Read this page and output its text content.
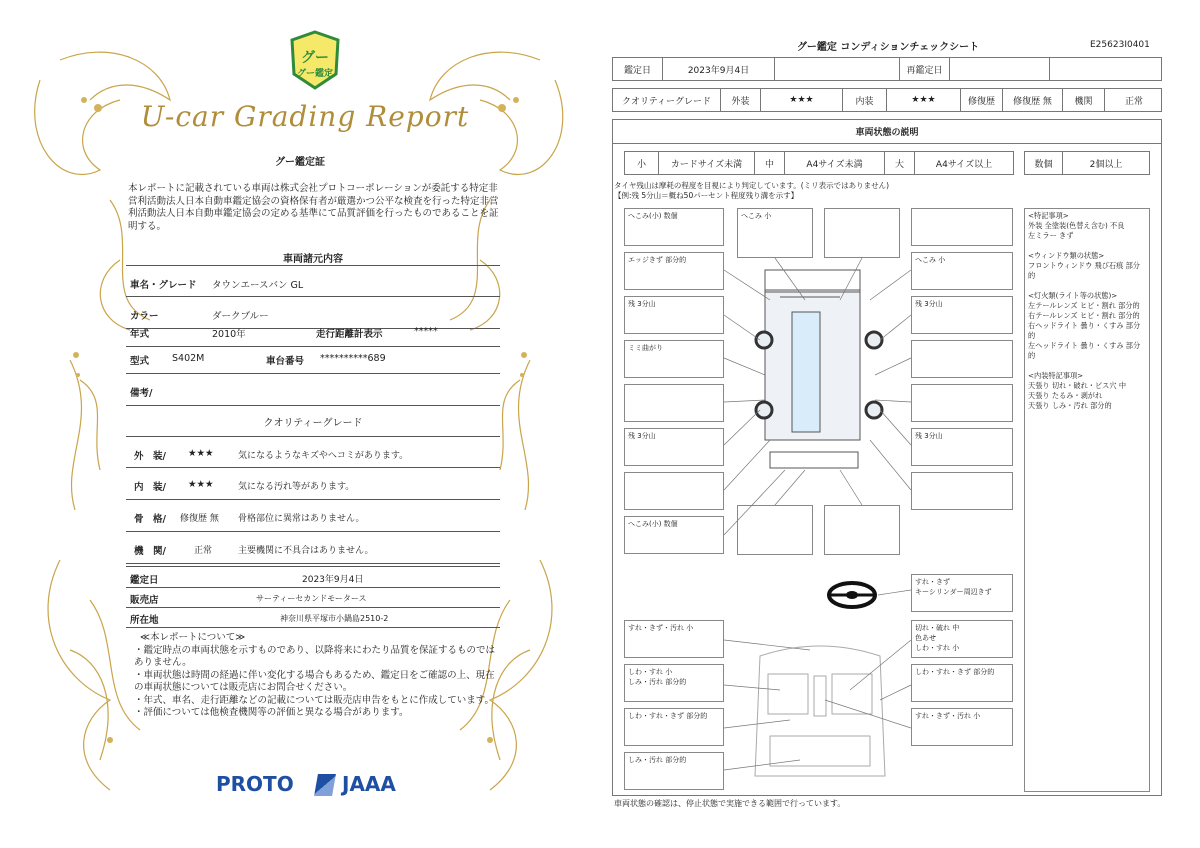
グー
グー鑑定
U-car Grading Report
グー鑑定証
本レポートに記載されている車両は株式会社プロトコーポレーションが委託する特定非営利活動法人日本自動車鑑定協会の資格保有者が厳選かつ公平な検査を行った特定非営利活動法人日本自動車鑑定協会の定める基準にて品質評価を行ったものであることを証明する。
車両諸元内容
車名・グレード タウンエースバン GL
カラー	ダークブルー
年式	2010年	走行距離計表示	*****
型式 S402M	車台番号 **********689
備考/
クオリティーグレード
外　装/ ★★★	気になるようなキズやヘコミがあります。
内　装/ ★★★	気になる汚れ等があります。
骨　格/ 修復歴 無 骨格部位に異常はありません。
機　関/	正常	主要機関に不具合はありません。
鑑定日	2023年9月4日
販売店	サーティーセカンドモータース
所在地	神奈川県平塚市小鍋島2510-2
≪本レポートについて≫
・鑑定時点の車両状態を示すものであり、以降将来にわたり品質を保証するものではありません。
・車両状態は時間の経過に伴い変化する場合もあるため、鑑定日をご確認の上、現在の車両状態については販売店にお問合せください。
・年式、車名、走行距離などの記載については販売店申告をもとに作成しています。
・評価については他検査機関等の評価と異なる場合があります。
PROTO JAAA
グー鑑定 コンディションチェックシート	E25623I0401
鑑定日	2023年9月4日	再鑑定日
クオリティーグレード	外装	★★★	内装	★★★	修復歴	修復歴 無	機関	正常
車両状態の説明
小	カードサイズ未満	中	A4サイズ未満	大	A4サイズ以上	数個	2個以上
タイヤ残山は摩耗の程度を目視により判定しています。(ミリ表示ではありません)
【例:残 5分山＝概ね50パーセント程度残り溝を示す】
へこみ(小) 数個	へこみ 小
エッジきず 部分的	へこみ 小
残 3分山	残 3分山
ミミ曲がり
残 3分山	残 3分山
へこみ(小) 数個
すれ・きず
キーシリンダー周辺きず
すれ・きず・汚れ 小	切れ・破れ 中
色あせ
しわ・すれ 小
しわ・すれ 小
しみ・汚れ 部分的
しわ・すれ・きず 部分的
しわ・すれ・きず 部分的	すれ・きず・汚れ 小
しみ・汚れ 部分的
<特記事項>
外装 全塗装(色替え含む) 不良
左ミラー きず

<ウィンドウ類の状態>
フロントウィンドウ 飛び石痕 部分的

<灯火類(ライト等の状態)>
左テールレンズ ヒビ・割れ 部分的
右テールレンズ ヒビ・割れ 部分的
右ヘッドライト 曇り・くすみ 部分的
左ヘッドライト 曇り・くすみ 部分的

<内装特記事項>
天張り 切れ・破れ・ビス穴 中
天張り たるみ・剥がれ
天張り しみ・汚れ 部分的
車両状態の確認は、停止状態で実施できる範囲で行っています。
